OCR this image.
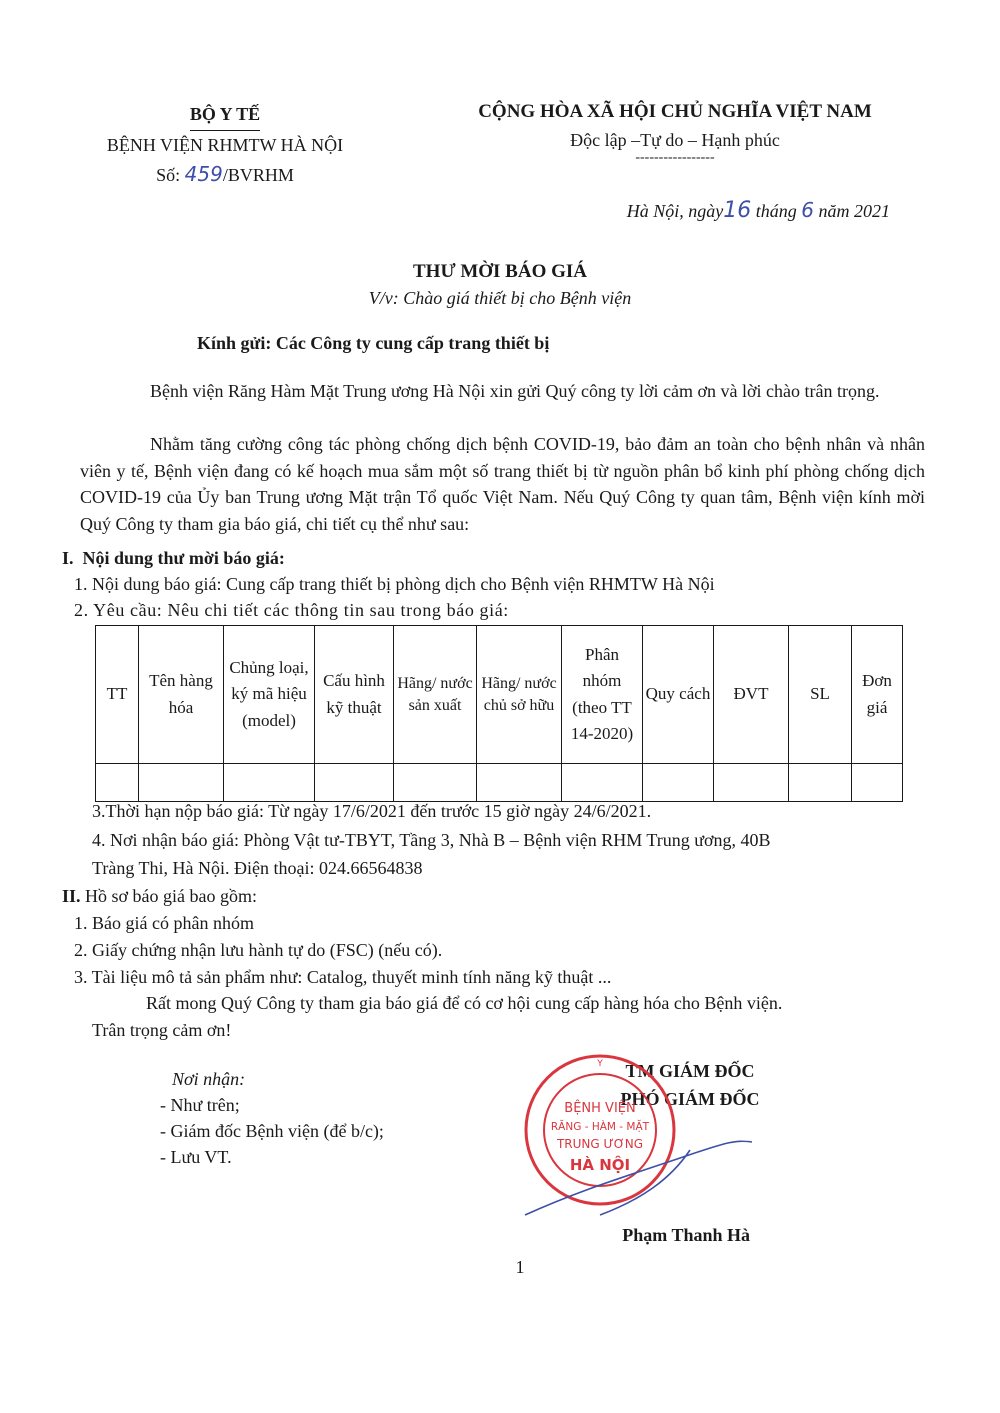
BỘ Y TẾ
BỆNH VIỆN RHMTW HÀ NỘI
Số: 459/BVRHM
CỘNG HÒA XÃ HỘI CHỦ NGHĨA VIỆT NAM
Độc lập –Tự do – Hạnh phúc
-----------------
Hà Nội, ngày16 tháng 6 năm 2021
THƯ MỜI BÁO GIÁ
V/v: Chào giá thiết bị cho Bệnh viện
Kính gửi: Các Công ty cung cấp trang thiết bị
Bệnh viện Răng Hàm Mặt Trung ương Hà Nội xin gửi Quý công ty lời cảm ơn và lời chào trân trọng.
Nhằm tăng cường công tác phòng chống dịch bệnh COVID-19, bảo đảm an toàn cho bệnh nhân và nhân viên y tế, Bệnh viện đang có kế hoạch mua sắm một số trang thiết bị từ nguồn phân bổ kinh phí phòng chống dịch COVID-19 của Ủy ban Trung ương Mặt trận Tổ quốc Việt Nam. Nếu Quý Công ty quan tâm, Bệnh viện kính mời Quý Công ty tham gia báo giá, chi tiết cụ thể như sau:
I. Nội dung thư mời báo giá:
1. Nội dung báo giá: Cung cấp trang thiết bị phòng dịch cho Bệnh viện RHMTW Hà Nội
2. Yêu cầu: Nêu chi tiết các thông tin sau trong báo giá:
TT	Tên hàng hóa	Chủng loại, ký mã hiệu (model)	Cấu hình kỹ thuật	Hãng/ nước sản xuất	Hãng/ nước chủ sở hữu	Phân nhóm (theo TT 14-2020)	Quy cách	ĐVT	SL	Đơn giá

3.Thời hạn nộp báo giá: Từ ngày 17/6/2021 đến trước 15 giờ ngày 24/6/2021.
4. Nơi nhận báo giá: Phòng Vật tư-TBYT, Tầng 3, Nhà B – Bệnh viện RHM Trung ương, 40B
Tràng Thi, Hà Nội. Điện thoại: 024.66564838
II. Hồ sơ báo giá bao gồm:
1. Báo giá có phân nhóm
2. Giấy chứng nhận lưu hành tự do (FSC) (nếu có).
3. Tài liệu mô tả sản phẩm như: Catalog, thuyết minh tính năng kỹ thuật ...
Rất mong Quý Công ty tham gia báo giá để có cơ hội cung cấp hàng hóa cho Bệnh viện.
Trân trọng cảm ơn!
Nơi nhận:
- Như trên;
- Giám đốc Bệnh viện (để b/c);
- Lưu VT.
TM GIÁM ĐỐC
PHÓ GIÁM ĐỐC
Y
BỆNH VIỆN
RĂNG - HÀM - MẶT
TRUNG ƯƠNG
HÀ NỘI
Phạm Thanh Hà
1
